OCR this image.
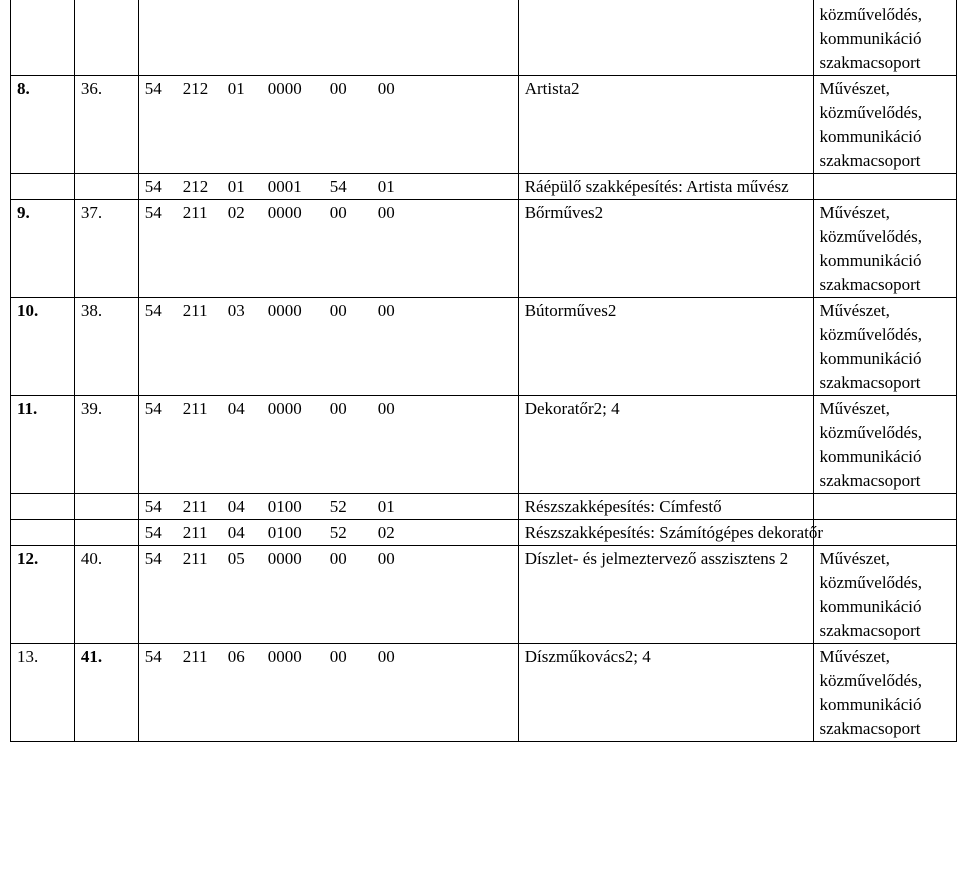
				közművelődés,
kommunikáció
szakmacsoport

8.	36.	54 212 01 0000 00 00	Artista2	Művészet,
közművelődés,
kommunikáció
szakmacsoport

		54 212 01 0001 54 01	Ráépülő szakképesítés: Artista művész	
9.	37.	54 211 02 0000 00 00	Bőrműves2	Művészet,
közművelődés,
kommunikáció
szakmacsoport

10.	38.	54 211 03 0000 00 00	Bútorműves2	Művészet,
közművelődés,
kommunikáció
szakmacsoport

11.	39.	54 211 04 0000 00 00	Dekoratőr2; 4	Művészet,
közművelődés,
kommunikáció
szakmacsoport

		54 211 04 0100 52 01	Részszakképesítés: Címfestő	
		54 211 04 0100 52 02	Részszakképesítés: Számítógépes dekoratőr	
12.	40.	54 211 05 0000 00 00	Díszlet- és jelmeztervező asszisztens 2	Művészet,
közművelődés,
kommunikáció
szakmacsoport

13.	41.	54 211 06 0000 00 00	Díszműkovács2; 4	Művészet,
közművelődés,
kommunikáció
szakmacsoport
